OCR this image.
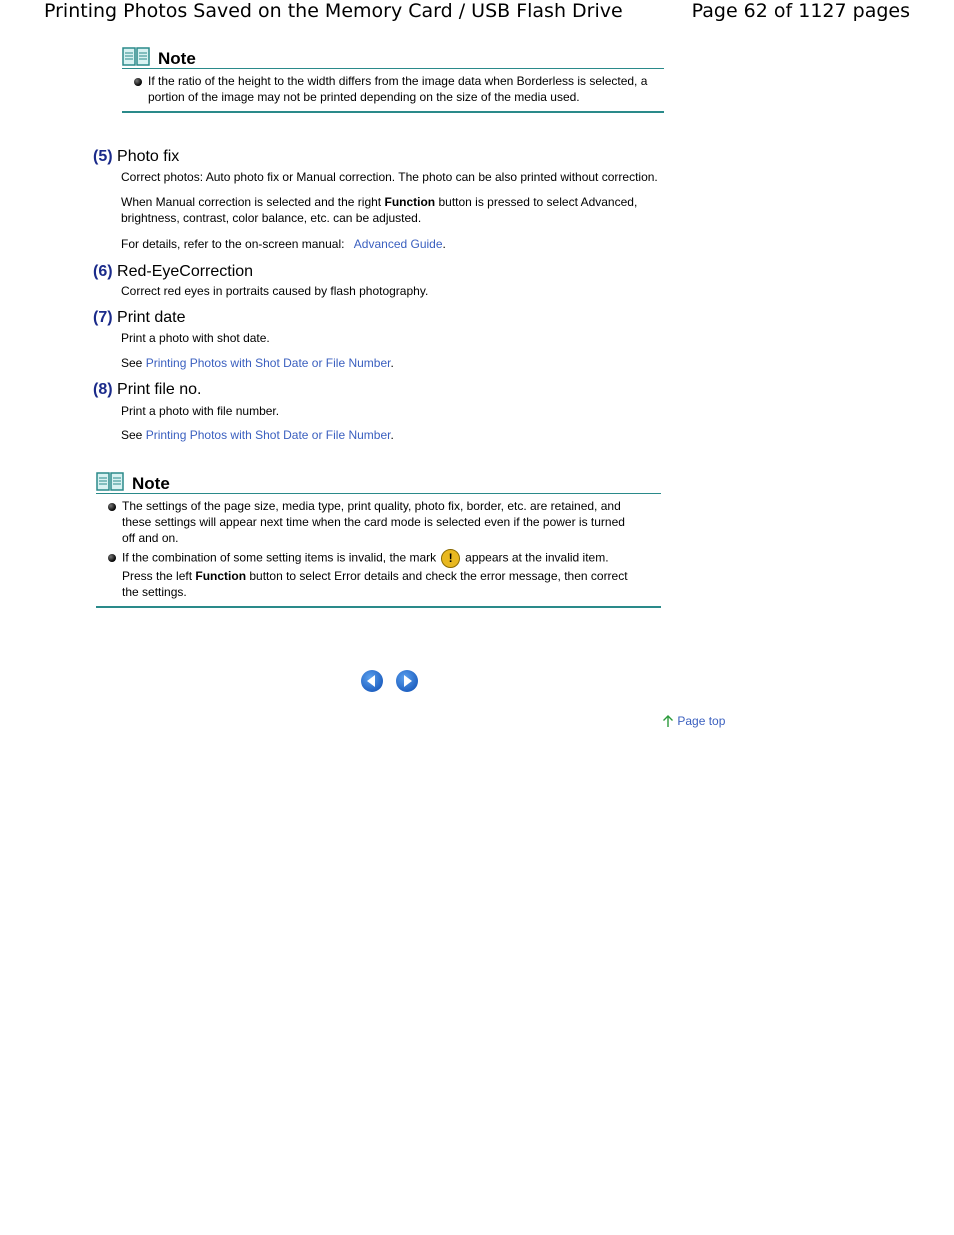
Printing Photos Saved on the Memory Card / USB Flash Drive	Page 62 of 1127 pages
Note
If the ratio of the height to the width differs from the image data when Borderless is selected, a portion of the image may not be printed depending on the size of the media used.
(5) Photo fix
Correct photos: Auto photo fix or Manual correction. The photo can be also printed without correction.
When Manual correction is selected and the right Function button is pressed to select Advanced, brightness, contrast, color balance, etc. can be adjusted.
For details, refer to the on-screen manual: Advanced Guide.
(6) Red-EyeCorrection
Correct red eyes in portraits caused by flash photography.
(7) Print date
Print a photo with shot date.
See Printing Photos with Shot Date or File Number.
(8) Print file no.
Print a photo with file number.
See Printing Photos with Shot Date or File Number.
Note
The settings of the page size, media type, print quality, photo fix, border, etc. are retained, and these settings will appear next time when the card mode is selected even if the power is turned off and on.
If the combination of some setting items is invalid, the mark ! appears at the invalid item.
Press the left Function button to select Error details and check the error message, then correct the settings.
Page top
